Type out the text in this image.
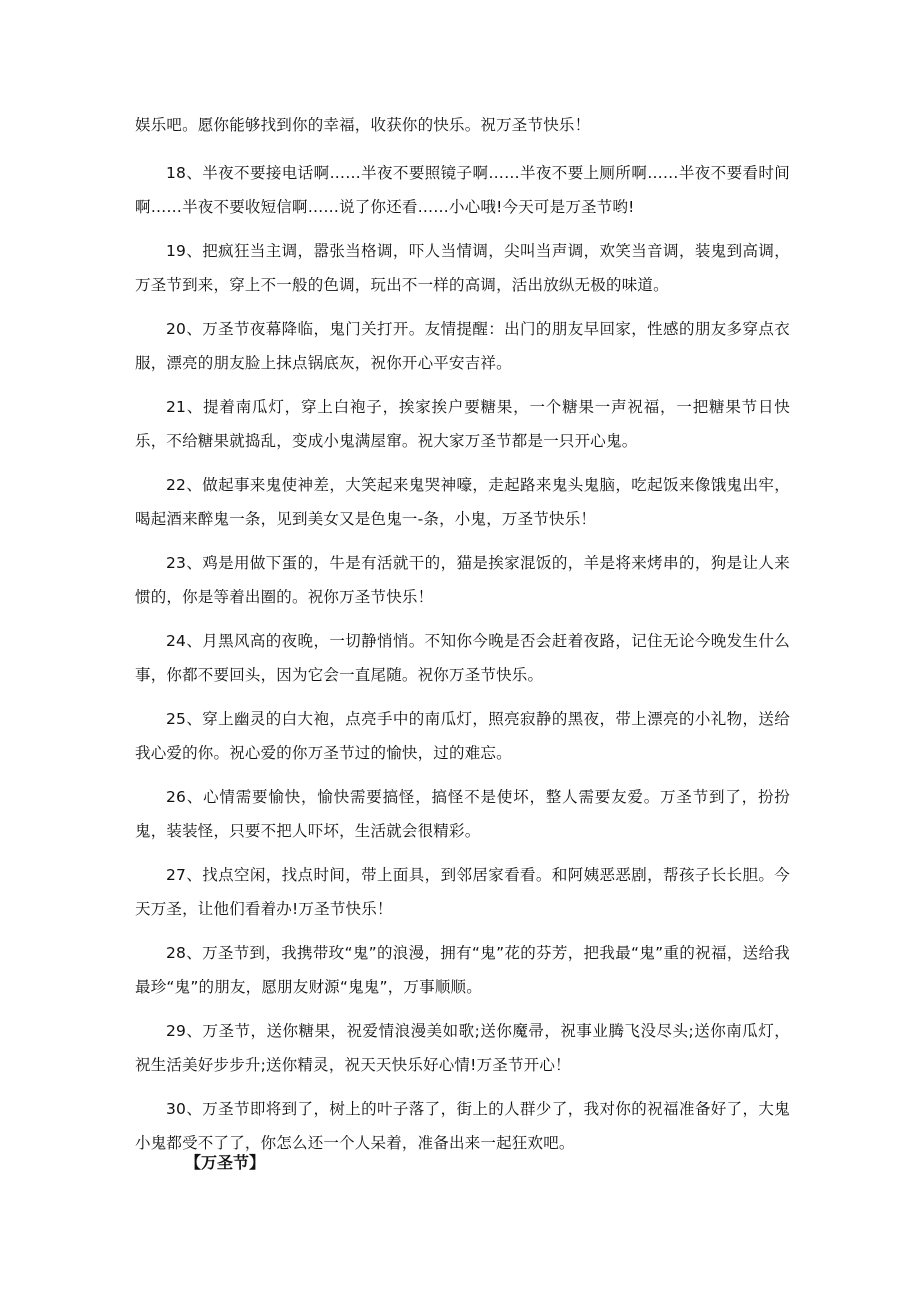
娱乐吧。愿你能够找到你的幸福，收获你的快乐。祝万圣节快乐！

18、半夜不要接电话啊……半夜不要照镜子啊……半夜不要上厕所啊……半夜不要看时间啊……半夜不要收短信啊……说了你还看……小心哦!今天可是万圣节哟!

19、把疯狂当主调，嚣张当格调，吓人当情调，尖叫当声调，欢笑当音调，装鬼到高调，万圣节到来，穿上不一般的色调，玩出不一样的高调，活出放纵无极的味道。

20、万圣节夜幕降临，鬼门关打开。友情提醒：出门的朋友早回家，性感的朋友多穿点衣服，漂亮的朋友脸上抹点锅底灰，祝你开心平安吉祥。

21、提着南瓜灯，穿上白袍子，挨家挨户要糖果，一个糖果一声祝福，一把糖果节日快乐，不给糖果就捣乱，变成小鬼满屋窜。祝大家万圣节都是一只开心鬼。

22、做起事来鬼使神差，大笑起来鬼哭神嚎，走起路来鬼头鬼脑，吃起饭来像饿鬼出牢，喝起酒来醉鬼一条，见到美女又是色鬼一-条，小鬼，万圣节快乐！

23、鸡是用做下蛋的，牛是有活就干的，猫是挨家混饭的，羊是将来烤串的，狗是让人来惯的，你是等着出圈的。祝你万圣节快乐！

24、月黑风高的夜晚，一切静悄悄。不知你今晚是否会赶着夜路，记住无论今晚发生什么事，你都不要回头，因为它会一直尾随。祝你万圣节快乐。

25、穿上幽灵的白大袍，点亮手中的南瓜灯，照亮寂静的黑夜，带上漂亮的小礼物，送给我心爱的你。祝心爱的你万圣节过的愉快，过的难忘。

26、心情需要愉快，愉快需要搞怪，搞怪不是使坏，整人需要友爱。万圣节到了，扮扮鬼，装装怪，只要不把人吓坏，生活就会很精彩。

27、找点空闲，找点时间，带上面具，到邻居家看看。和阿姨恶恶剧，帮孩子长长胆。今天万圣，让他们看着办!万圣节快乐！

28、万圣节到，我携带玫“鬼”的浪漫，拥有“鬼”花的芬芳，把我最“鬼”重的祝福，送给我最珍“鬼”的朋友，愿朋友财源“鬼鬼”，万事顺顺。

29、万圣节，送你糖果，祝爱情浪漫美如歌;送你魔帚，祝事业腾飞没尽头;送你南瓜灯，祝生活美好步步升;送你精灵，祝天天快乐好心情!万圣节开心！

30、万圣节即将到了，树上的叶子落了，街上的人群少了，我对你的祝福准备好了，大鬼小鬼都受不了了，你怎么还一个人呆着，准备出来一起狂欢吧。

【万圣节】
